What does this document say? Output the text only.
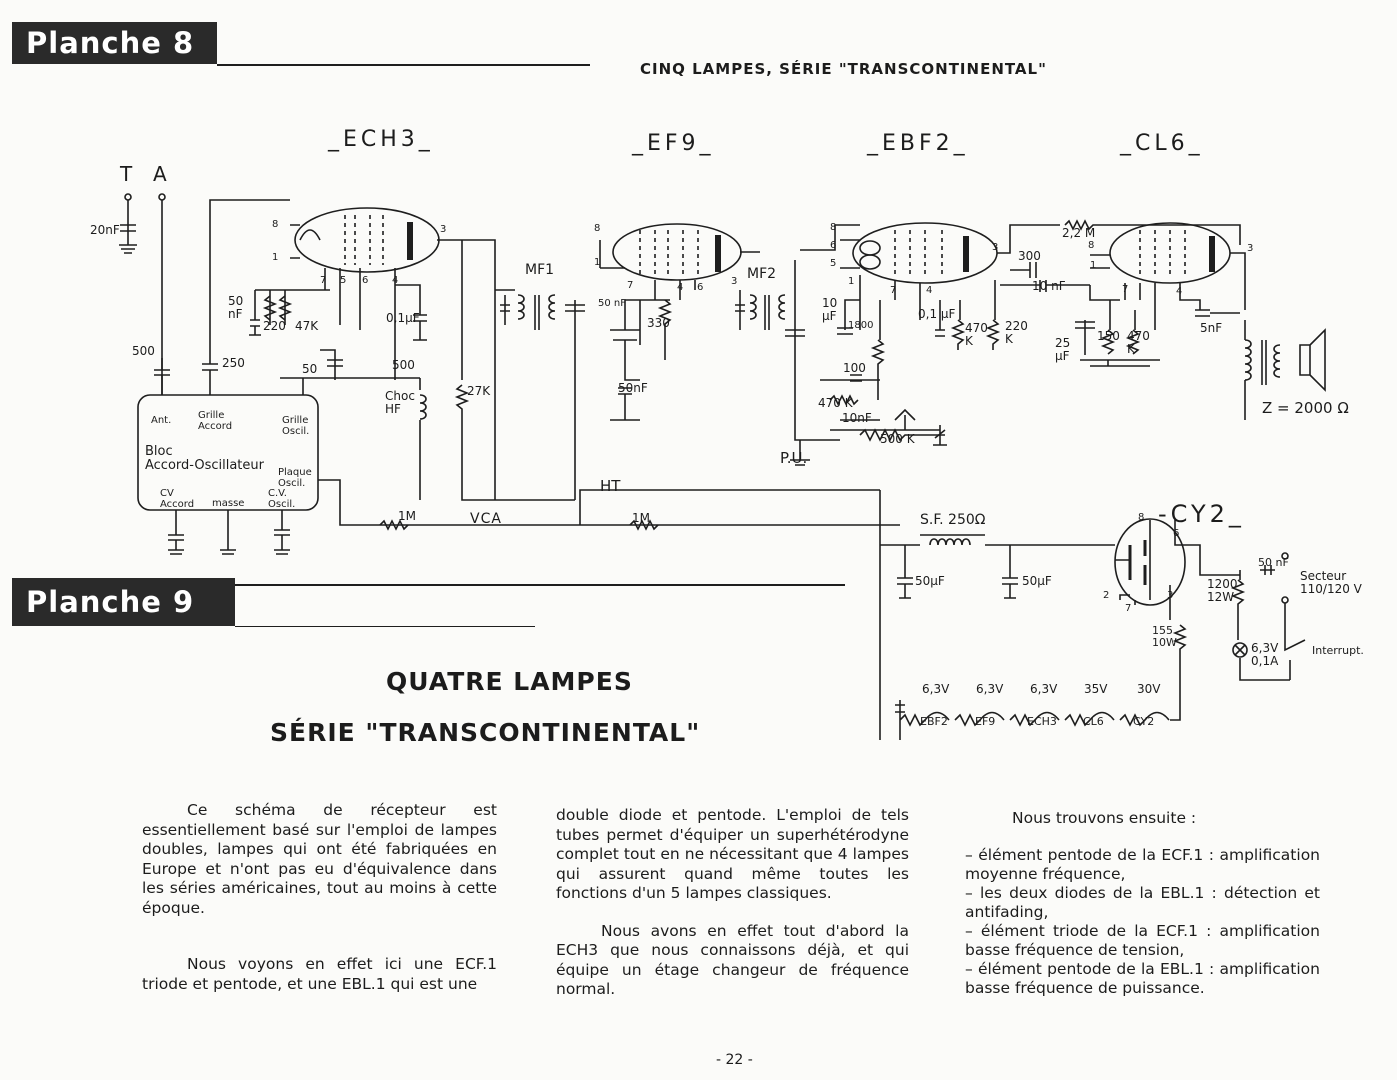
Planche 8
CINQ LAMPES, SÉRIE "TRANSCONTINENTAL"
_ECH3_	_EF9_	_EBF2_	_CL6_
-CY2_
T A
20nF
500
250
50
nF
220 47K
0,1µF
50	500
Choc
HF
27K
MF1	MF2
50 nF
330
50nF
10
µF
1800
100
470 K
10nF
500 K
P.U.
HT
0,1 µF
470
K
220
K	25
µF
300
10 nF
2,2 M
150 470
K
5nF
Z = 2000 Ω
S.F. 250Ω
50µF	50µF
50 nF
1200
12W
Secteur
110/120 V
155
10W	6,3V
0,1A
Interrupt.
1M	VCA	1M
Bloc
Accord-Oscillateur
Ant.	Grille
Accord
Grille
Oscil.
Plaque
Oscil.
CV
Accord masse
C.V.
Oscil.
6,3V 6,3V 6,3V 35V 30V
EBF2 EF9	ECH3 CL6	CY2
8
1
7 5 6 4
3	8
1
7	4 6
3
8
6
5
1
7	4
3	8
1
7	4
3
8
6
2	3
7
Planche 9
QUATRE LAMPES
SÉRIE "TRANSCONTINENTAL"

Ce schéma de récepteur est essentiellement basé sur l'emploi de lampes doubles, lampes qui ont été fabriquées en Europe et n'ont pas eu d'équivalence dans les séries américaines, tout au moins à cette époque.

Nous voyons en effet ici une ECF.1 triode et pentode, et une EBL.1 qui est une

double diode et pentode. L'emploi de tels tubes permet d'équiper un superhétérodyne complet tout en ne nécessitant que 4 lampes qui assurent quand même toutes les fonctions d'un 5 lampes classiques.

Nous avons en effet tout d'abord la ECH3 que nous connaissons déjà, et qui équipe un étage changeur de fréquence normal.

Nous trouvons ensuite :
– élément pentode de la ECF.1 : amplification moyenne fréquence,
– les deux diodes de la EBL.1 : détection et antifading,
– élément triode de la ECF.1 : amplification basse fréquence de tension,
– élément pentode de la EBL.1 : amplification basse fréquence de puissance.
- 22 -
